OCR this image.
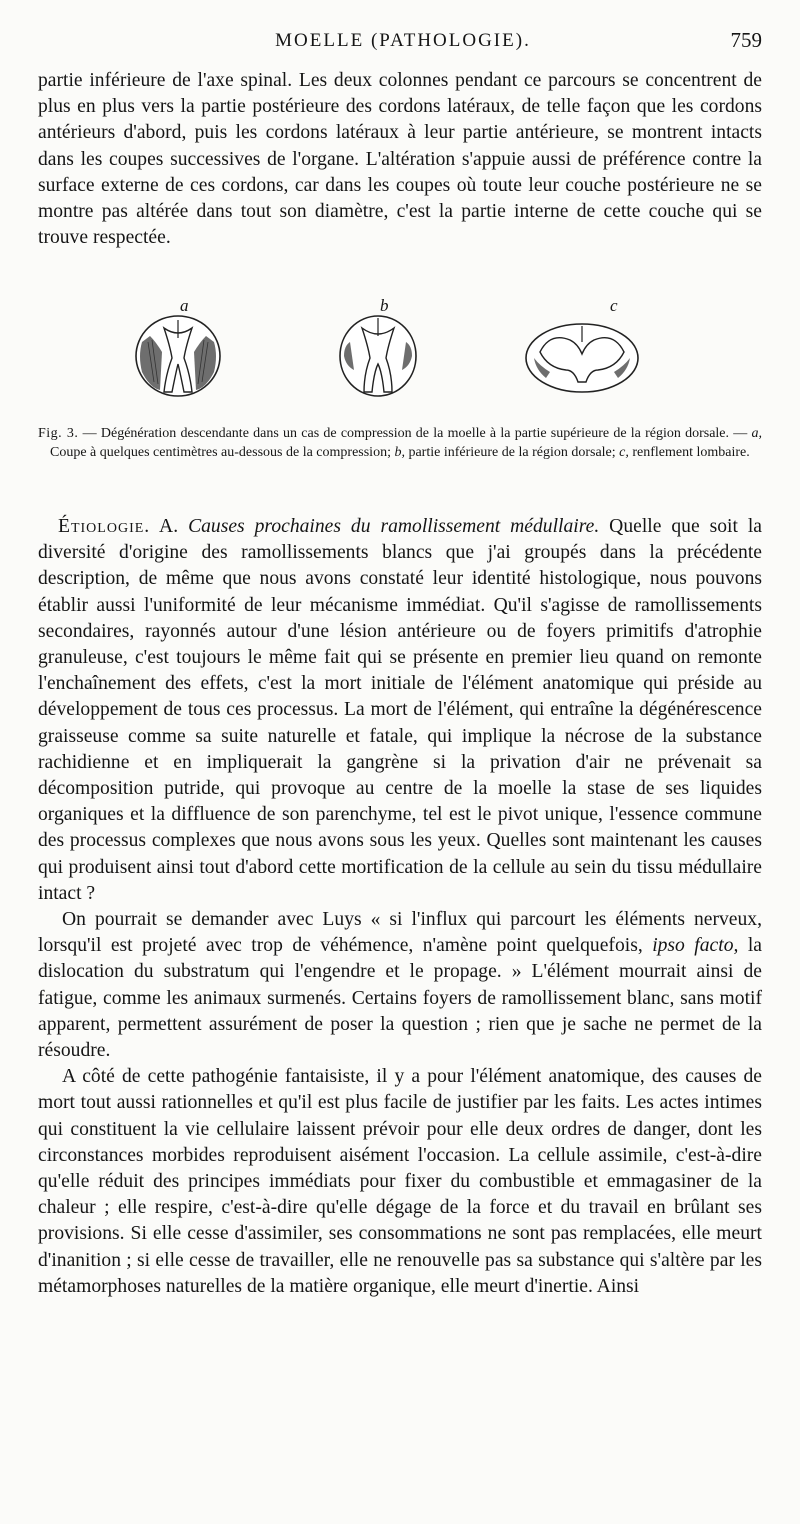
MOELLE (PATHOLOGIE).	759

partie inférieure de l'axe spinal. Les deux colonnes pendant ce parcours se concentrent de plus en plus vers la partie postérieure des cordons latéraux, de telle façon que les cordons antérieurs d'abord, puis les cordons latéraux à leur partie antérieure, se montrent intacts dans les coupes successives de l'organe. L'altération s'appuie aussi de préférence contre la surface externe de ces cordons, car dans les coupes où toute leur couche postérieure ne se montre pas altérée dans tout son diamètre, c'est la partie interne de cette couche qui se trouve respectée.

a	b	c

Fig. 3. — Dégénération descendante dans un cas de compression de la moelle à la partie supérieure de la région dorsale. — a, Coupe à quelques centimètres au-dessous de la compression; b, partie inférieure de la région dorsale; c, renflement lombaire.

Étiologie. A. Causes prochaines du ramollissement médullaire. Quelle que soit la diversité d'origine des ramollissements blancs que j'ai groupés dans la précédente description, de même que nous avons constaté leur identité histologique, nous pouvons établir aussi l'uniformité de leur mécanisme immédiat. Qu'il s'agisse de ramollissements secondaires, rayonnés autour d'une lésion antérieure ou de foyers primitifs d'atrophie granuleuse, c'est toujours le même fait qui se présente en premier lieu quand on remonte l'enchaînement des effets, c'est la mort initiale de l'élément anatomique qui préside au développement de tous ces processus. La mort de l'élément, qui entraîne la dégénérescence graisseuse comme sa suite naturelle et fatale, qui implique la nécrose de la substance rachidienne et en impliquerait la gangrène si la privation d'air ne prévenait sa décomposition putride, qui provoque au centre de la moelle la stase de ses liquides organiques et la diffluence de son parenchyme, tel est le pivot unique, l'essence commune des processus complexes que nous avons sous les yeux. Quelles sont maintenant les causes qui produisent ainsi tout d'abord cette mortification de la cellule au sein du tissu médullaire intact ?

On pourrait se demander avec Luys « si l'influx qui parcourt les éléments nerveux, lorsqu'il est projeté avec trop de véhémence, n'amène point quelquefois, ipso facto, la dislocation du substratum qui l'engendre et le propage. » L'élément mourrait ainsi de fatigue, comme les animaux surmenés. Certains foyers de ramollissement blanc, sans motif apparent, permettent assurément de poser la question ; rien que je sache ne permet de la résoudre.

A côté de cette pathogénie fantaisiste, il y a pour l'élément anatomique, des causes de mort tout aussi rationnelles et qu'il est plus facile de justifier par les faits. Les actes intimes qui constituent la vie cellulaire laissent prévoir pour elle deux ordres de danger, dont les circonstances morbides reproduisent aisément l'occasion. La cellule assimile, c'est-à-dire qu'elle réduit des principes immédiats pour fixer du combustible et emmagasiner de la chaleur ; elle respire, c'est-à-dire qu'elle dégage de la force et du travail en brûlant ses provisions. Si elle cesse d'assimiler, ses consommations ne sont pas remplacées, elle meurt d'inanition ; si elle cesse de travailler, elle ne renouvelle pas sa substance qui s'altère par les métamorphoses naturelles de la matière organique, elle meurt d'inertie. Ainsi
